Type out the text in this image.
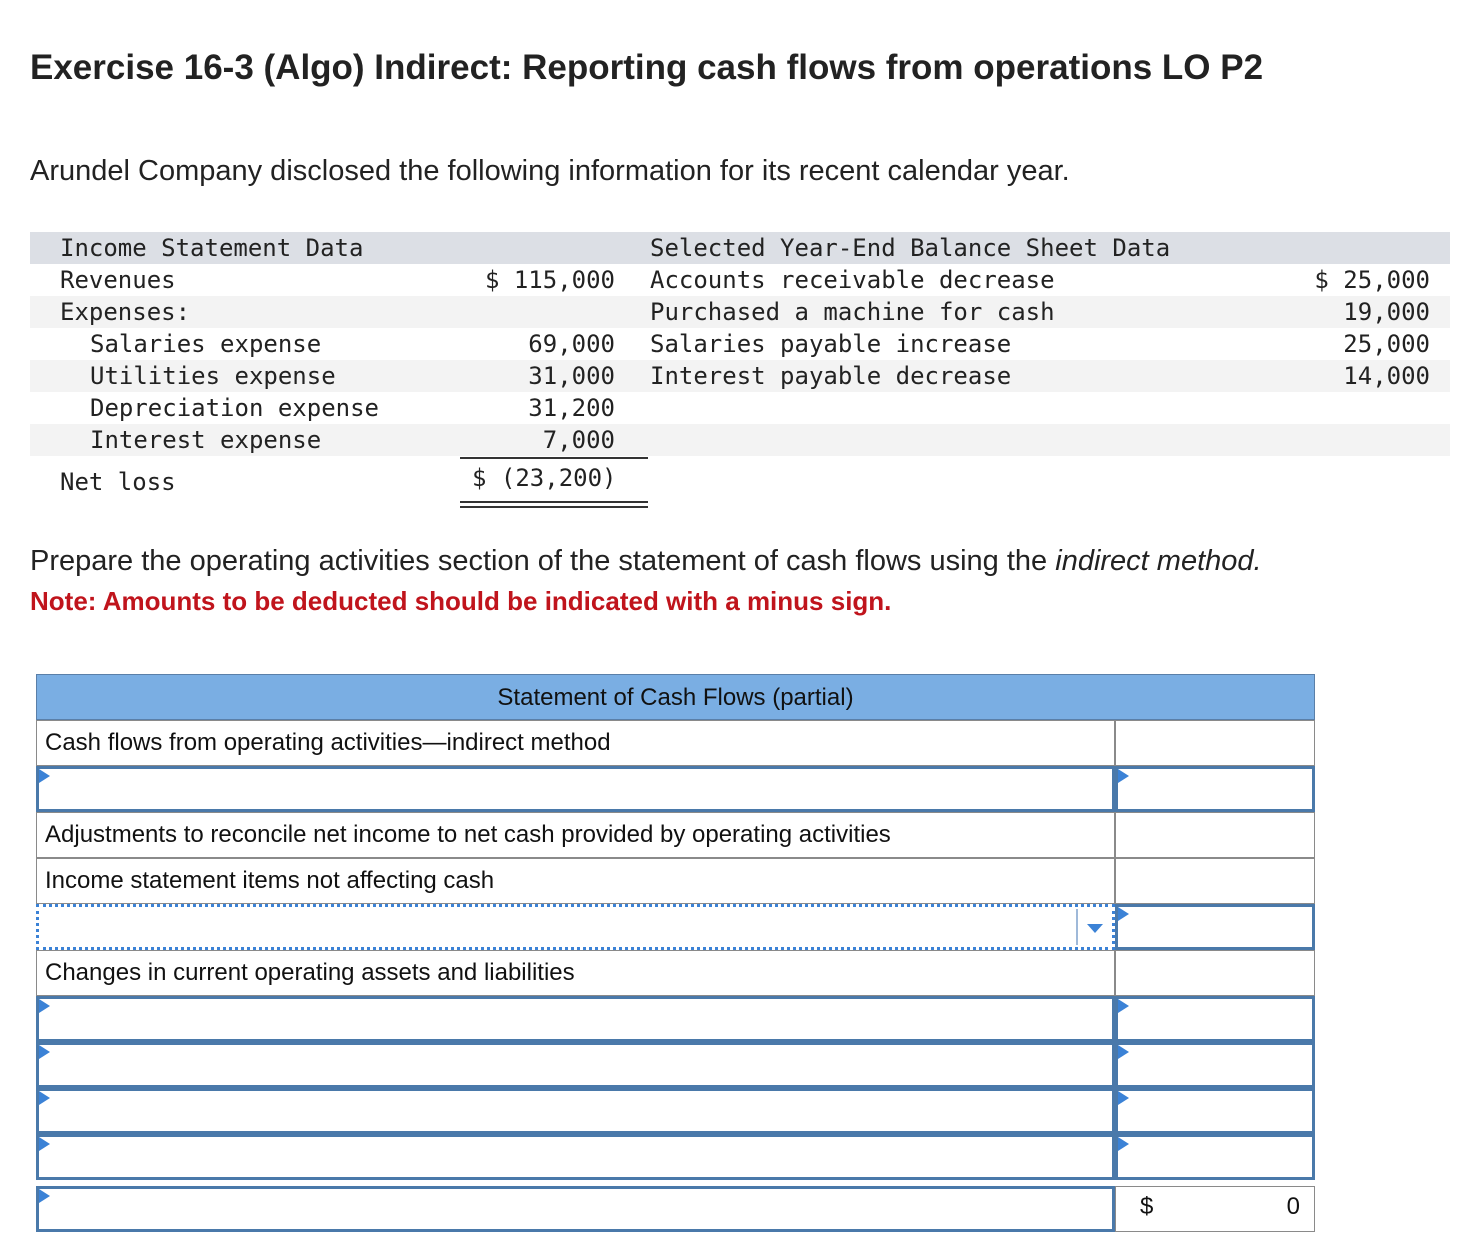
Exercise 16-3 (Algo) Indirect: Reporting cash flows from operations LO P2
Arundel Company disclosed the following information for its recent calendar year.
Income Statement Data
Revenues	$ 115,000
Expenses:
Salaries expense	69,000
Utilities expense	31,000
Depreciation expense	31,200
Interest expense	7,000
Net loss	$ (23,200)
Selected Year-End Balance Sheet Data
Accounts receivable decrease	$ 25,000
Purchased a machine for cash	19,000
Salaries payable increase	25,000
Interest payable decrease	14,000
Prepare the operating activities section of the statement of cash flows using the indirect method.
Note: Amounts to be deducted should be indicated with a minus sign.
Statement of Cash Flows (partial)
Cash flows from operating activities—indirect method
Adjustments to reconcile net income to net cash provided by operating activities
Income statement items not affecting cash
Changes in current operating assets and liabilities
$	0
